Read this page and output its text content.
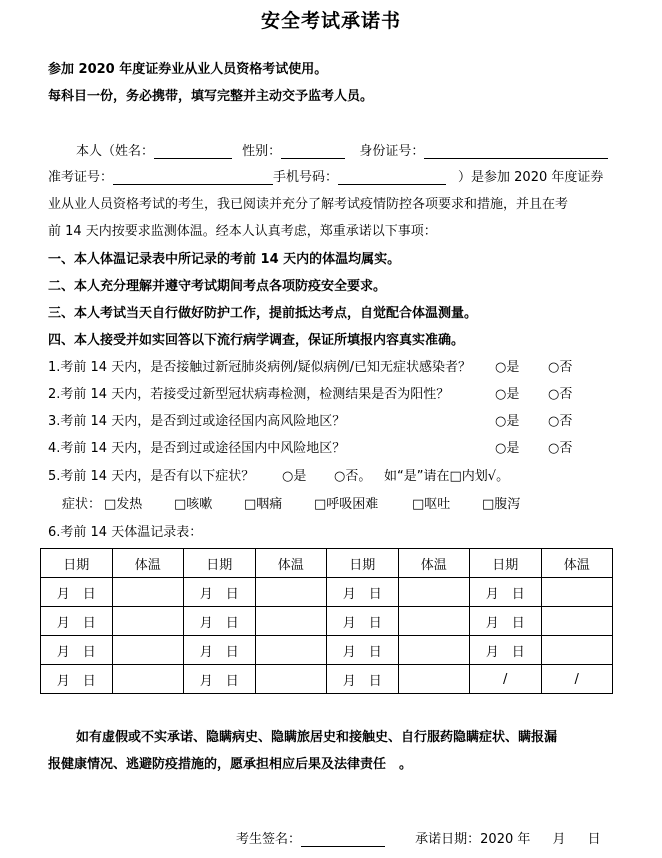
安全考试承诺书
参加 2020 年度证券业从业人员资格考试使用。
每科目一份，务必携带，填写完整并主动交予监考人员。
本人（姓名：	性别：	身份证号：
准考证号：	手机号码：	）是参加 2020 年度证券
业从业人员资格考试的考生，我已阅读并充分了解考试疫情防控各项要求和措施，并且在考
前 14 天内按要求监测体温。经本人认真考虑，郑重承诺以下事项：
一、本人体温记录表中所记录的考前 14 天内的体温均属实。
二、本人充分理解并遵守考试期间考点各项防疫安全要求。
三、本人考试当天自行做好防护工作，提前抵达考点，自觉配合体温测量。
四、本人接受并如实回答以下流行病学调查，保证所填报内容真实准确。
1.考前 14 天内，是否接触过新冠肺炎病例/疑似病例/已知无症状感染者？ ○是 ○否
2.考前 14 天内，若接受过新型冠状病毒检测，检测结果是否为阳性？	○是 ○否
3.考前 14 天内，是否到过或途径国内高风险地区？	○是 ○否
4.考前 14 天内，是否到过或途径国内中风险地区？	○是 ○否
5.考前 14 天内，是否有以下症状？ ○是 ○否。 如“是”请在□内划√。
症状： □发热 □咳嗽 □咽痛 □呼吸困难	□呕吐 □腹泻
6.考前 14 天体温记录表：
日期	体温	日期	体温	日期	体温	日期	体温
月　日		月　日		月　日		月　日	
月　日		月　日		月　日		月　日	
月　日		月　日		月　日		月　日	
月　日		月　日		月　日		/	/
如有虚假或不实承诺、隐瞒病史、隐瞒旅居史和接触史、自行服药隐瞒症状、瞒报漏
报健康情况、逃避防疫措施的，愿承担相应后果及法律责任　。
考生签名：	承诺日期：2020 年 月 日
